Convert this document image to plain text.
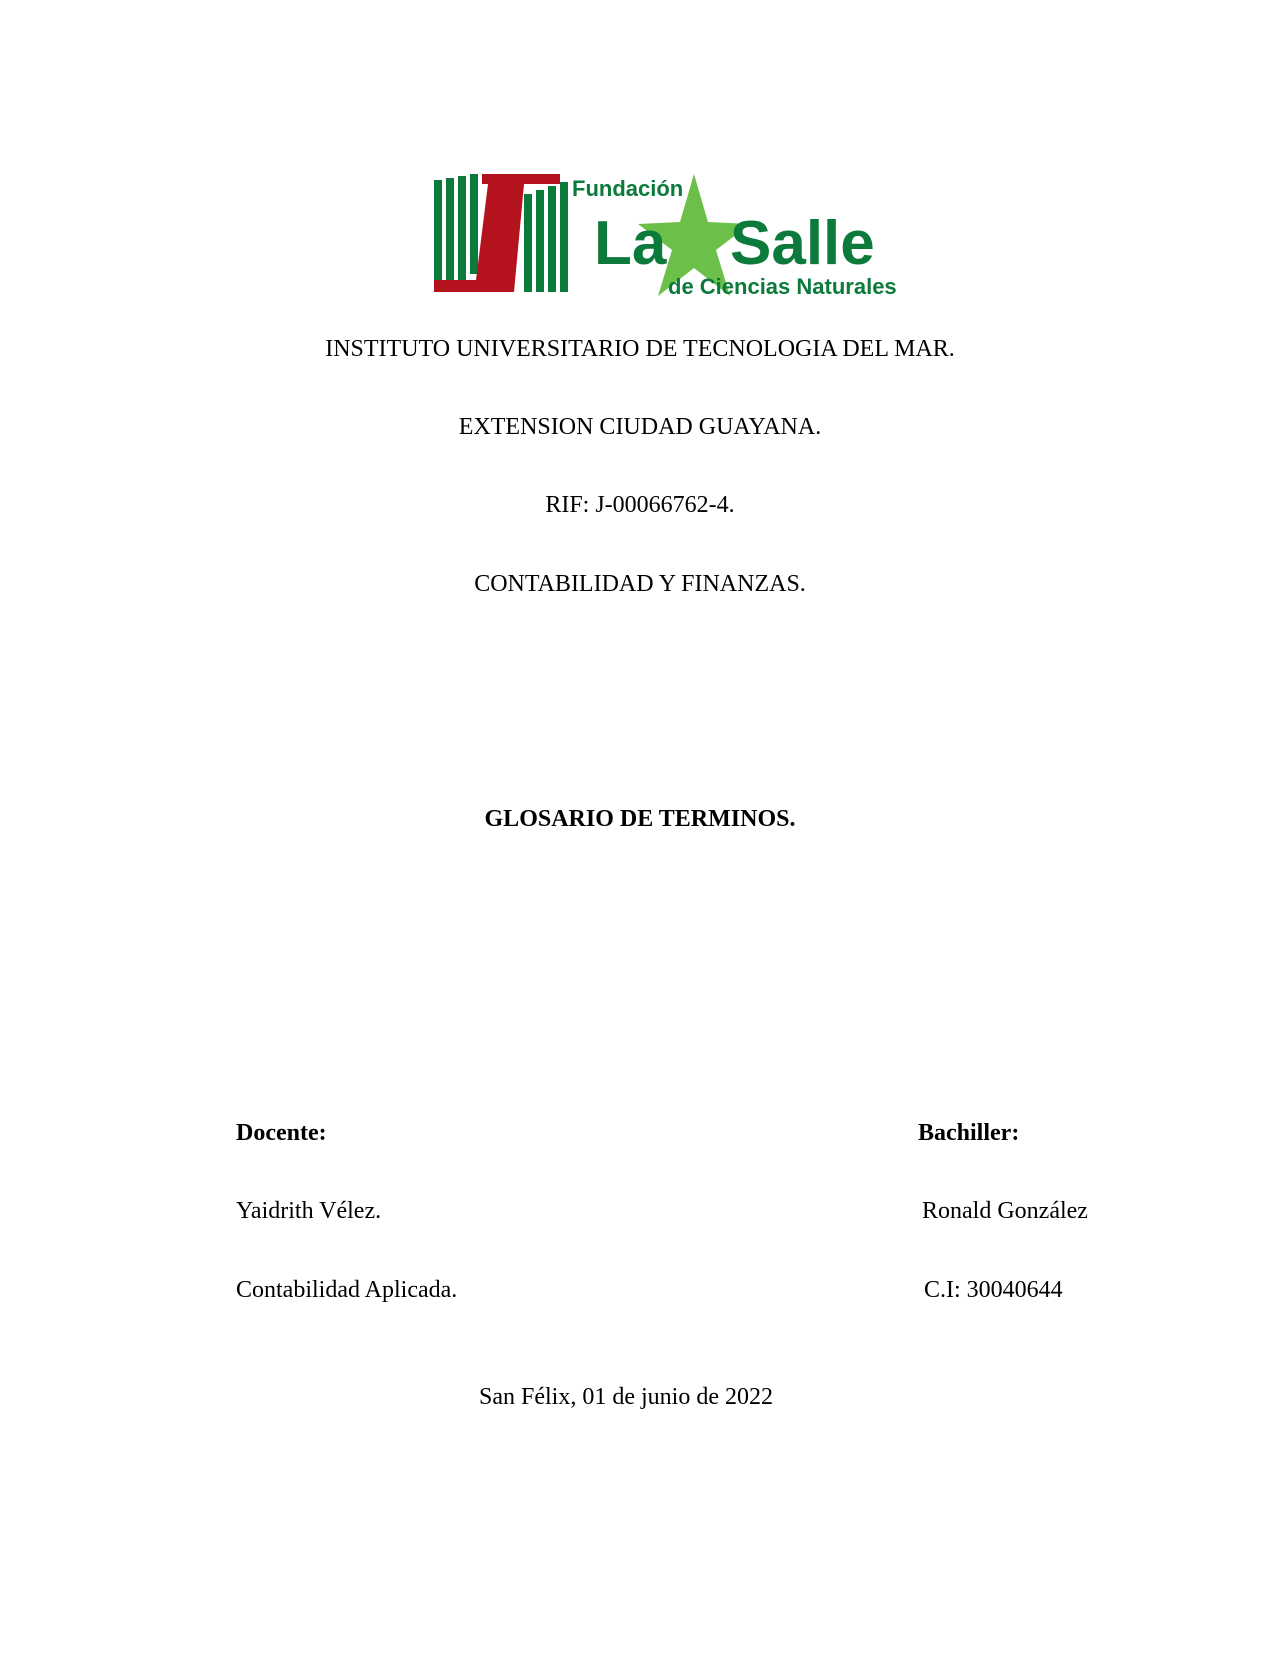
Fundación
La Salle
de Ciencias Naturales
INSTITUTO UNIVERSITARIO DE TECNOLOGIA DEL MAR.
EXTENSION CIUDAD GUAYANA.
RIF: J-00066762-4.
CONTABILIDAD Y FINANZAS.
GLOSARIO DE TERMINOS.
Docente:
Yaidrith Vélez.
Contabilidad Aplicada.
Bachiller:
Ronald González
C.I: 30040644
San Félix, 01 de junio de 2022
